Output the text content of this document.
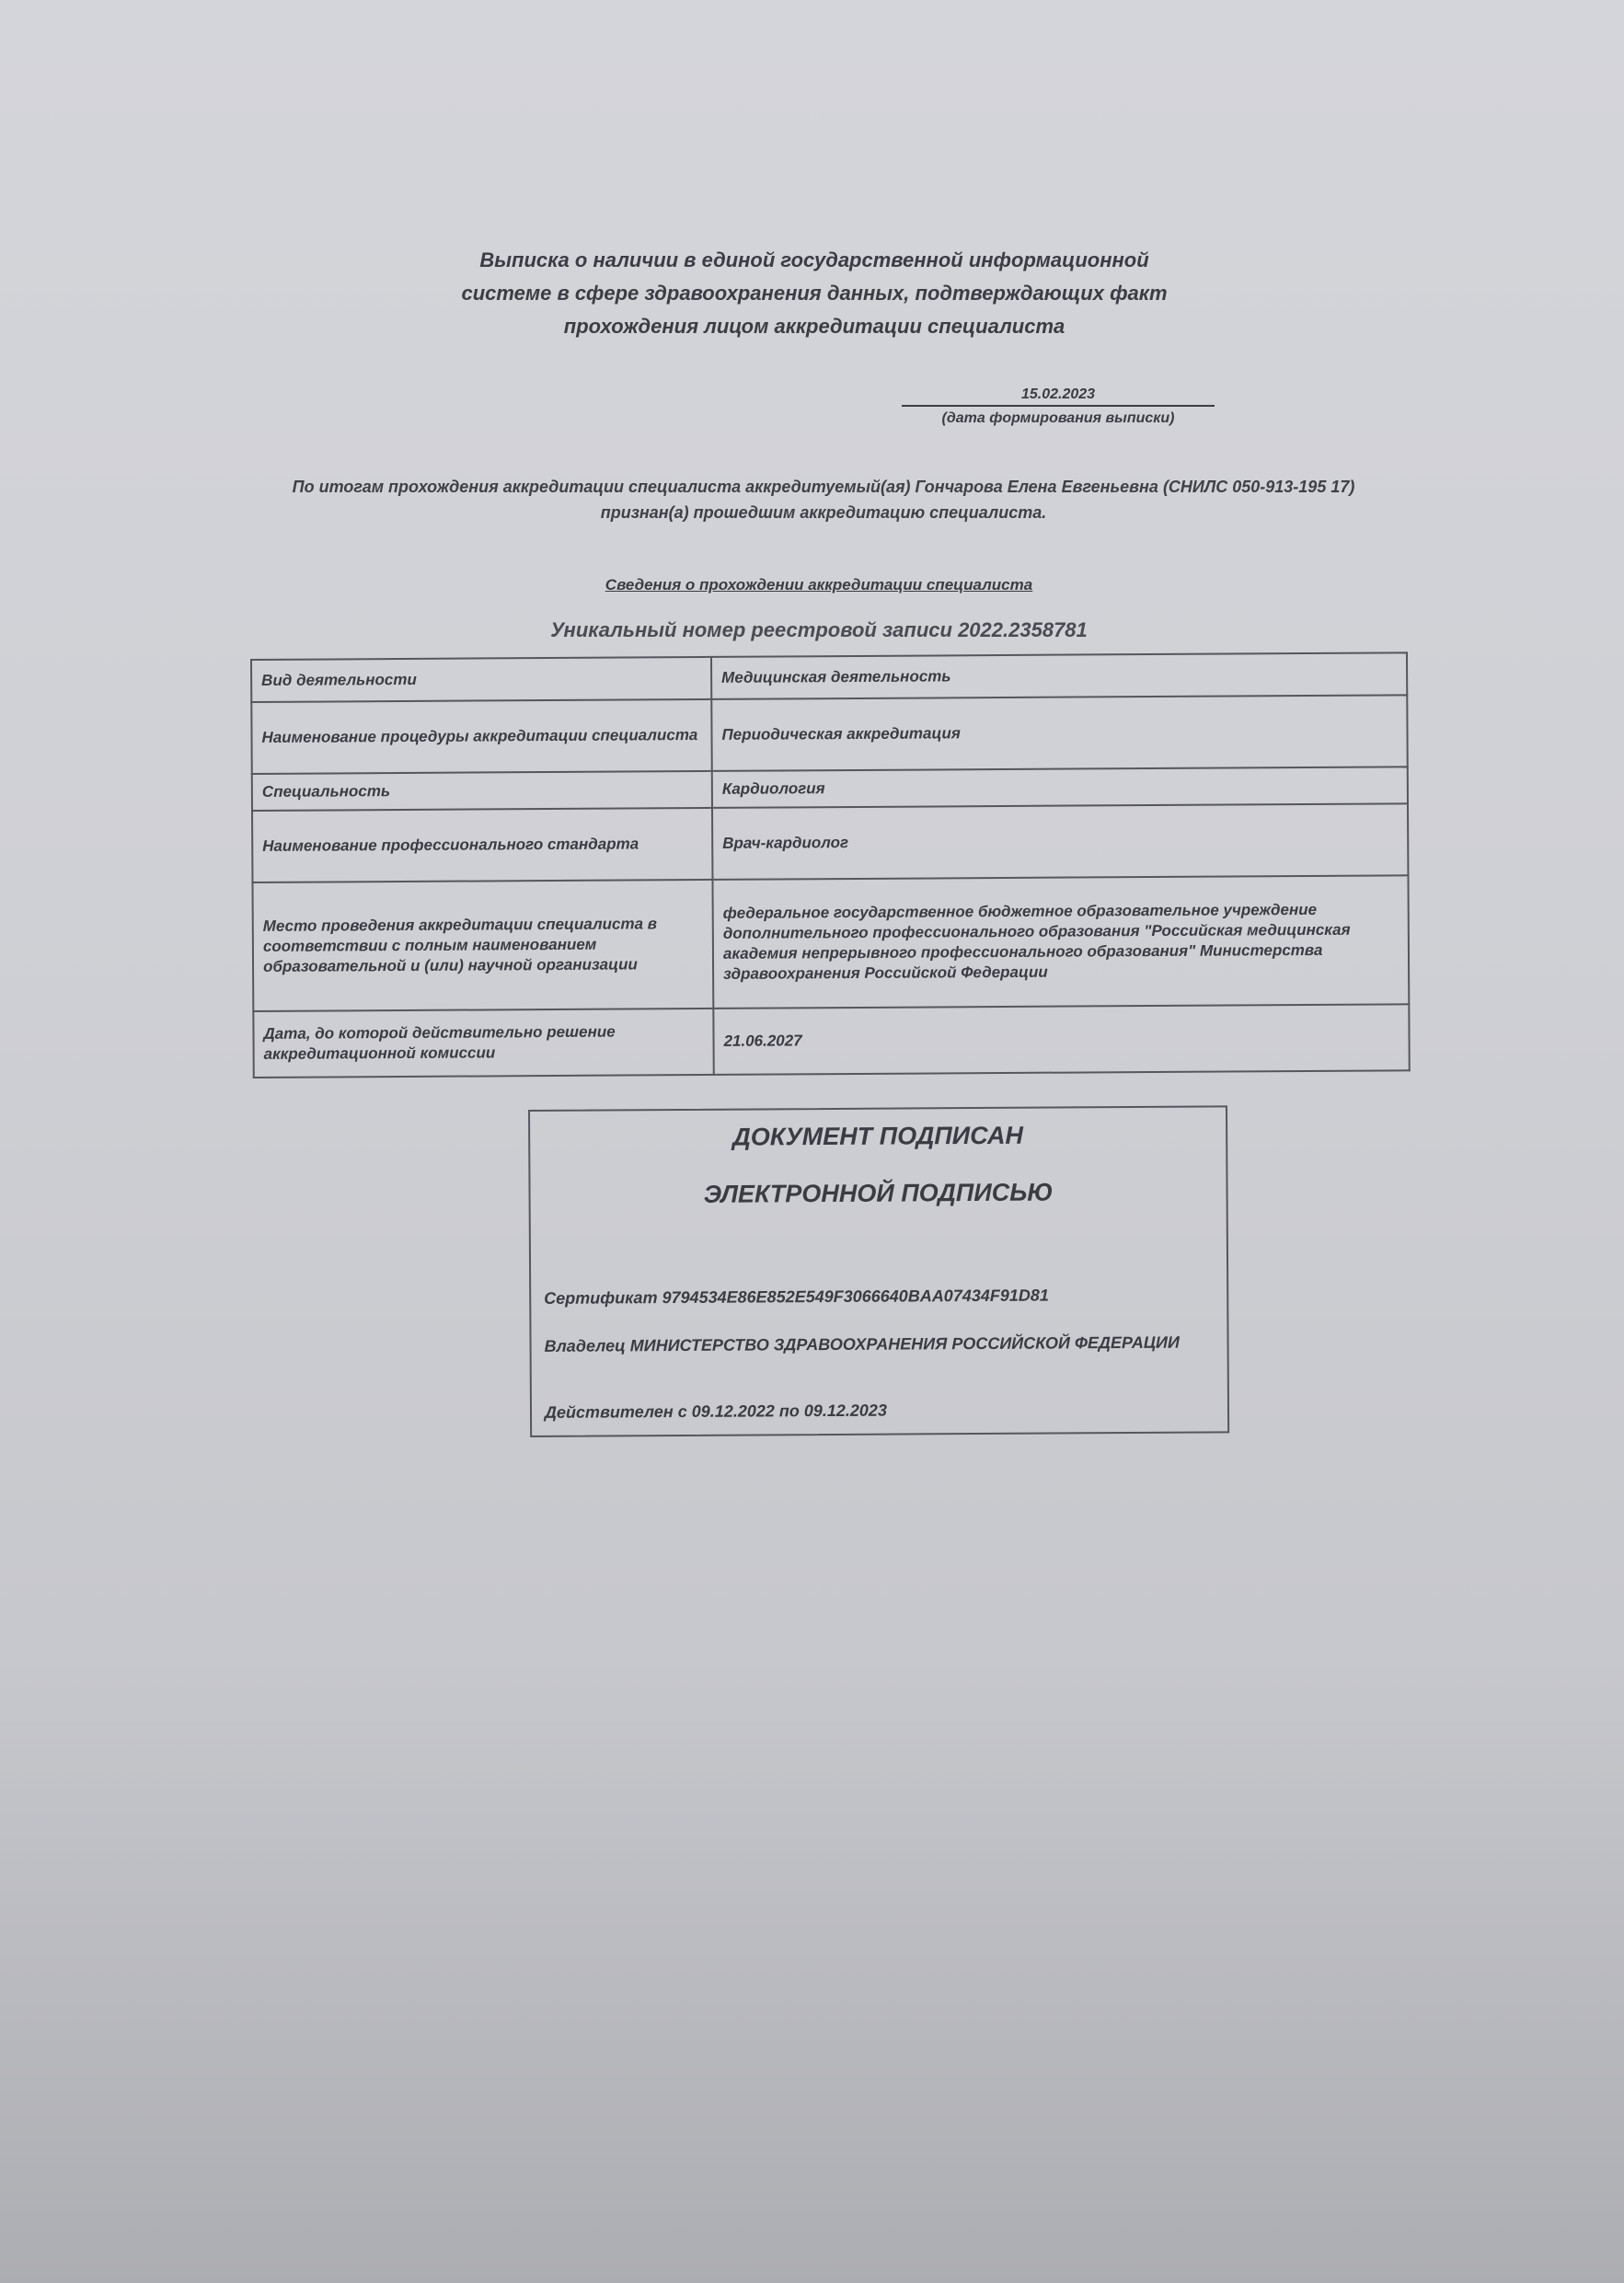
Выписка о наличии в единой государственной информационной
системе в сфере здравоохранения данных, подтверждающих факт
прохождения лицом аккредитации специалиста
15.02.2023
(дата формирования выписки)
По итогам прохождения аккредитации специалиста аккредитуемый(ая) Гончарова Елена Евгеньевна (СНИЛС 050-913-195 17) признан(а) прошедшим аккредитацию специалиста.
Сведения о прохождении аккредитации специалиста
Уникальный номер реестровой записи 2022.2358781
Вид деятельности	Медицинская деятельность
Наименование процедуры аккредитации специалиста	Периодическая аккредитация
Специальность	Кардиология
Наименование профессионального стандарта	Врач-кардиолог
Место проведения аккредитации специалиста в соответствии с полным наименованием образовательной и (или) научной организации	федеральное государственное бюджетное образовательное учреждение дополнительного профессионального образования "Российская медицинская академия непрерывного профессионального образования" Министерства здравоохранения Российской Федерации
Дата, до которой действительно решение аккредитационной комиссии	21.06.2027
ДОКУМЕНТ ПОДПИСАН
ЭЛЕКТРОННОЙ ПОДПИСЬЮ
Сертификат 9794534E86E852E549F3066640BAA07434F91D81
Владелец МИНИСТЕРСТВО ЗДРАВООХРАНЕНИЯ РОССИЙСКОЙ ФЕДЕРАЦИИ
Действителен с 09.12.2022 по 09.12.2023
